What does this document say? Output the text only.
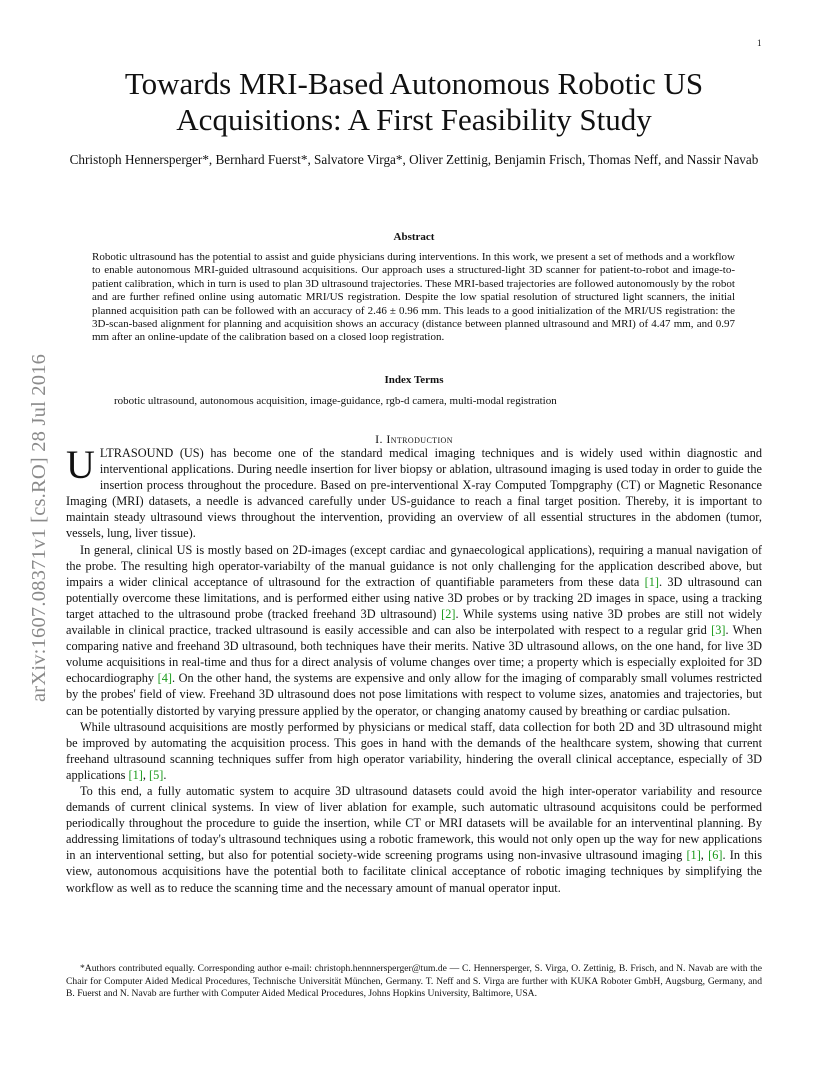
1
arXiv:1607.08371v1 [cs.RO] 28 Jul 2016
Towards MRI-Based Autonomous Robotic US Acquisitions: A First Feasibility Study
Christoph Hennersperger*, Bernhard Fuerst*, Salvatore Virga*, Oliver Zettinig, Benjamin Frisch, Thomas Neff, and Nassir Navab
Abstract

Robotic ultrasound has the potential to assist and guide physicians during interventions. In this work, we present a set of methods and a workflow to enable autonomous MRI-guided ultrasound acquisitions. Our approach uses a structured-light 3D scanner for patient-to-robot and image-to-patient calibration, which in turn is used to plan 3D ultrasound trajectories. These MRI-based trajectories are followed autonomously by the robot and are further refined online using automatic MRI/US registration. Despite the low spatial resolution of structured light scanners, the initial planned acquisition path can be followed with an accuracy of 2.46 ± 0.96 mm. This leads to a good initialization of the MRI/US registration: the 3D-scan-based alignment for planning and acquisition shows an accuracy (distance between planned ultrasound and MRI) of 4.47 mm, and 0.97 mm after an online-update of the calibration based on a closed loop registration.

Index Terms
robotic ultrasound, autonomous acquisition, image-guidance, rgb-d camera, multi-modal registration
I. Introduction

ULTRASOUND (US) has become one of the standard medical imaging techniques and is widely used within diagnostic and interventional applications. During needle insertion for liver biopsy or ablation, ultrasound imaging is used today in order to guide the insertion process throughout the procedure. Based on pre-interventional X-ray Computed Tompgraphy (CT) or Magnetic Resonance Imaging (MRI) datasets, a needle is advanced carefully under US-guidance to reach a final target position. Thereby, it is important to maintain steady ultrasound views throughout the intervention, providing an overview of all essential structures in the abdomen (tumor, vessels, lung, liver tissue).

In general, clinical US is mostly based on 2D-images (except cardiac and gynaecological applications), requiring a manual navigation of the probe. The resulting high operator-variabilty of the manual guidance is not only challenging for the application described above, but impairs a wider clinical acceptance of ultrasound for the extraction of quantifiable parameters from these data [1]. 3D ultrasound can potentially overcome these limitations, and is performed either using native 3D probes or by tracking 2D images in space, using a tracking target attached to the ultrasound probe (tracked freehand 3D ultrasound) [2]. While systems using native 3D probes are still not widely available in clinical practice, tracked ultrasound is easily accessible and can also be interpolated with respect to a regular grid [3]. When comparing native and freehand 3D ultrasound, both techniques have their merits. Native 3D ultrasound allows, on the one hand, for live 3D volume acquisitions in real-time and thus for a direct analysis of volume changes over time; a property which is especially exploited for 3D echocardiography [4]. On the other hand, the systems are expensive and only allow for the imaging of comparably small volumes restricted by the probes' field of view. Freehand 3D ultrasound does not pose limitations with respect to volume sizes, anatomies and trajectories, but can be potentially distorted by varying pressure applied by the operator, or changing anatomy caused by breathing or cardiac pulsation.

While ultrasound acquisitions are mostly performed by physicians or medical staff, data collection for both 2D and 3D ultrasound might be improved by automating the acquisition process. This goes in hand with the demands of the healthcare system, showing that current freehand ultrasound scanning techniques suffer from high operator variability, hindering the overall clinical acceptance, especially of 3D applications [1], [5].

To this end, a fully automatic system to acquire 3D ultrasound datasets could avoid the high inter-operator variability and resource demands of current clinical systems. In view of liver ablation for example, such automatic ultrasound acquisitons could be performed periodically throughout the procedure to guide the insertion, while CT or MRI datasets will be available for an interventinal planning. By addressing limitations of today's ultrasound techniques using a robotic framework, this would not only open up the way for new applications in an interventional setting, but also for potential society-wide screening programs using non-invasive ultrasound imaging [1], [6]. In this view, autonomous acquisitions have the potential both to facilitate clinical acceptance of robotic imaging techniques by simplifying the workflow as well as to reduce the scanning time and the necessary amount of manual operator input.

*Authors contributed equally. Corresponding author e-mail: christoph.hennnersperger@tum.de — C. Hennersperger, S. Virga, O. Zettinig, B. Frisch, and N. Navab are with the Chair for Computer Aided Medical Procedures, Technische Universität München, Germany. T. Neff and S. Virga are further with KUKA Roboter GmbH, Augsburg, Germany, and B. Fuerst and N. Navab are further with Computer Aided Medical Procedures, Johns Hopkins University, Baltimore, USA.
